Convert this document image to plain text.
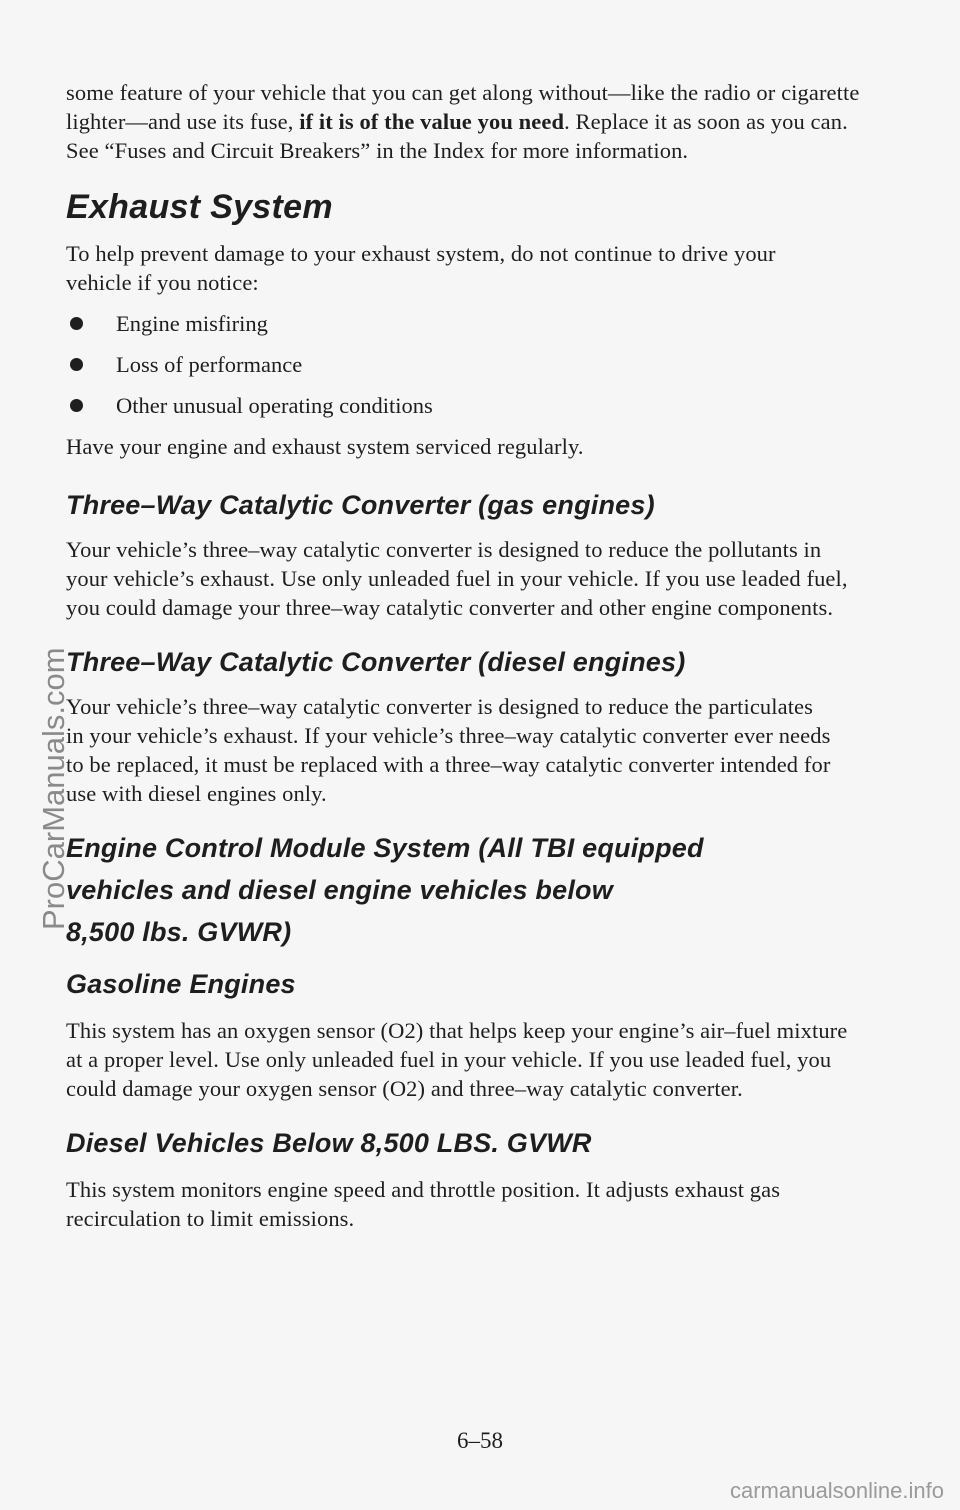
some feature of your vehicle that you can get along without—like the radio or cigarette lighter—and use its fuse, if it is of the value you need. Replace it as soon as you can. See “Fuses and Circuit Breakers” in the Index for more information.

Exhaust System

To help prevent damage to your exhaust system, do not continue to drive your vehicle if you notice:

Engine misfiring
Loss of performance
Other unusual operating conditions

Have your engine and exhaust system serviced regularly.

Three–Way Catalytic Converter (gas engines)

Your vehicle’s three–way catalytic converter is designed to reduce the pollutants in your vehicle’s exhaust. Use only unleaded fuel in your vehicle. If you use leaded fuel, you could damage your three–way catalytic converter and other engine components.

Three–Way Catalytic Converter (diesel engines)

Your vehicle’s three–way catalytic converter is designed to reduce the particulates in your vehicle’s exhaust. If your vehicle’s three–way catalytic converter ever needs to be replaced, it must be replaced with a three–way catalytic converter intended for use with diesel engines only.

Engine Control Module System (All TBI equipped
vehicles and diesel engine vehicles below
8,500 lbs. GVWR)
Gasoline Engines

This system has an oxygen sensor (O2) that helps keep your engine’s air–fuel mixture at a proper level. Use only unleaded fuel in your vehicle. If you use leaded fuel, you could damage your oxygen sensor (O2) and three–way catalytic converter.

Diesel Vehicles Below 8,500 LBS. GVWR

This system monitors engine speed and throttle position. It adjusts exhaust gas recirculation to limit emissions.

6–58
ProCarManuals.com
carmanualsonline.info
